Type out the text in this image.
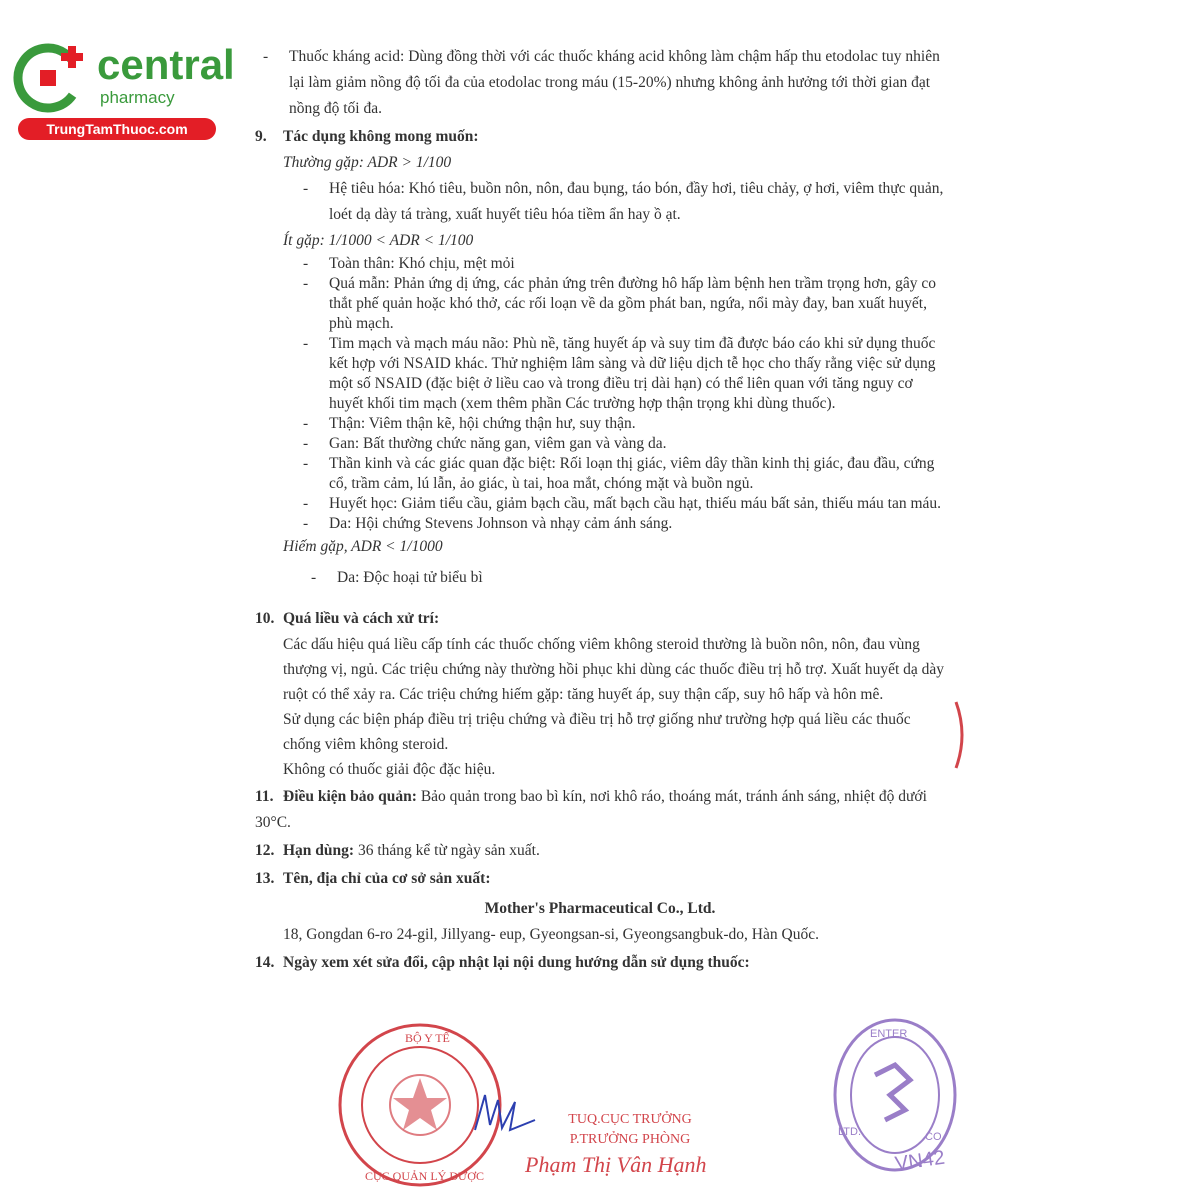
central
pharmacy
TrungTamThuoc.com
- Thuốc kháng acid: Dùng đồng thời với các thuốc kháng acid không làm chậm hấp thu etodolac tuy nhiên lại làm giảm nồng độ tối đa của etodolac trong máu (15-20%) nhưng không ảnh hưởng tới thời gian đạt nồng độ tối đa.
9. Tác dụng không mong muốn:
Thường gặp: ADR > 1/100
- Hệ tiêu hóa: Khó tiêu, buồn nôn, nôn, đau bụng, táo bón, đầy hơi, tiêu chảy, ợ hơi, viêm thực quản, loét dạ dày tá tràng, xuất huyết tiêu hóa tiềm ẩn hay ồ ạt.
Ít gặp: 1/1000 < ADR < 1/100
- Toàn thân: Khó chịu, mệt mỏi
- Quá mẫn: Phản ứng dị ứng, các phản ứng trên đường hô hấp làm bệnh hen trầm trọng hơn, gây co thắt phế quản hoặc khó thở, các rối loạn về da gồm phát ban, ngứa, nổi mày đay, ban xuất huyết, phù mạch.
- Tim mạch và mạch máu não: Phù nề, tăng huyết áp và suy tim đã được báo cáo khi sử dụng thuốc kết hợp với NSAID khác. Thử nghiệm lâm sàng và dữ liệu dịch tễ học cho thấy rằng việc sử dụng một số NSAID (đặc biệt ở liều cao và trong điều trị dài hạn) có thể liên quan với tăng nguy cơ huyết khối tim mạch (xem thêm phần Các trường hợp thận trọng khi dùng thuốc).
- Thận: Viêm thận kẽ, hội chứng thận hư, suy thận.
- Gan: Bất thường chức năng gan, viêm gan và vàng da.
- Thần kinh và các giác quan đặc biệt: Rối loạn thị giác, viêm dây thần kinh thị giác, đau đầu, cứng cổ, trầm cảm, lú lẫn, ảo giác, ù tai, hoa mắt, chóng mặt và buồn ngủ.
- Huyết học: Giảm tiểu cầu, giảm bạch cầu, mất bạch cầu hạt, thiếu máu bất sản, thiếu máu tan máu.
- Da: Hội chứng Stevens Johnson và nhạy cảm ánh sáng.
Hiếm gặp, ADR < 1/1000
- Da: Độc hoại tử biểu bì
10. Quá liều và cách xử trí:
Các dấu hiệu quá liều cấp tính các thuốc chống viêm không steroid thường là buồn nôn, nôn, đau vùng thượng vị, ngủ. Các triệu chứng này thường hồi phục khi dùng các thuốc điều trị hỗ trợ. Xuất huyết dạ dày ruột có thể xảy ra. Các triệu chứng hiếm gặp: tăng huyết áp, suy thận cấp, suy hô hấp và hôn mê.
Sử dụng các biện pháp điều trị triệu chứng và điều trị hỗ trợ giống như trường hợp quá liều các thuốc chống viêm không steroid.
Không có thuốc giải độc đặc hiệu.
11. Điều kiện bảo quản: Bảo quản trong bao bì kín, nơi khô ráo, thoáng mát, tránh ánh sáng, nhiệt độ dưới 30°C.
12. Hạn dùng: 36 tháng kể từ ngày sản xuất.
13. Tên, địa chỉ của cơ sở sản xuất:
Mother's Pharmaceutical Co., Ltd.
18, Gongdan 6-ro 24-gil, Jillyang- eup, Gyeongsan-si, Gyeongsangbuk-do, Hàn Quốc.
14. Ngày xem xét sửa đổi, cập nhật lại nội dung hướng dẫn sử dụng thuốc:
BỘ Y TẾ
CỤC QUẢN LÝ DƯỢC
TUQ.CỤC TRƯỞNG
P.TRƯỞNG PHÒNG
Phạm Thị Vân Hạnh
ENTER
LTD.	CO.
VN42
